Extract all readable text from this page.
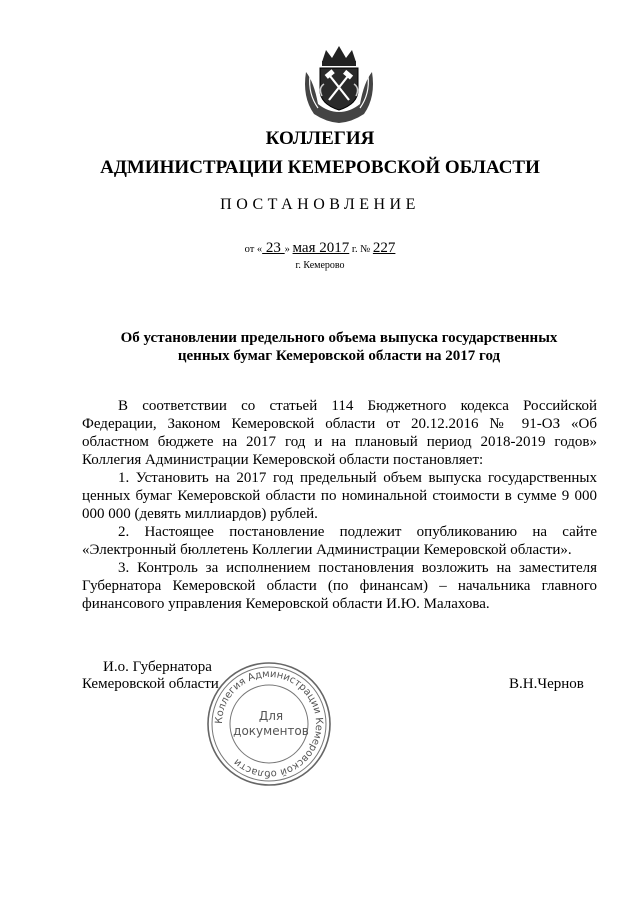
КОЛЛЕГИЯ
АДМИНИСТРАЦИИ КЕМЕРОВСКОЙ ОБЛАСТИ
ПОСТАНОВЛЕНИЕ
от « 23 » мая 2017 г. № 227
г. Кемерово
Об установлении предельного объема выпуска государственных
ценных бумаг Кемеровской области на 2017 год

В соответствии со статьей 114 Бюджетного кодекса Российской Федерации, Законом Кемеровской области от 20.12.2016 № 91-ОЗ «Об областном бюджете на 2017 год и на плановый период 2018-2019 годов» Коллегия Администрации Кемеровской области постановляет:

1. Установить на 2017 год предельный объем выпуска государственных ценных бумаг Кемеровской области по номинальной стоимости в сумме 9 000 000 000 (девять миллиардов) рублей.

2. Настоящее постановление подлежит опубликованию на сайте «Электронный бюллетень Коллегии Администрации Кемеровской области».

3. Контроль за исполнением постановления возложить на заместителя Губернатора Кемеровской области (по финансам) – начальника главного финансового управления Кемеровской области И.Ю. Малахова.

И.о. Губернатора
Кемеровской области	В.Н.Чернов
Коллегия Администрации Кемеровской области
Для
документов
